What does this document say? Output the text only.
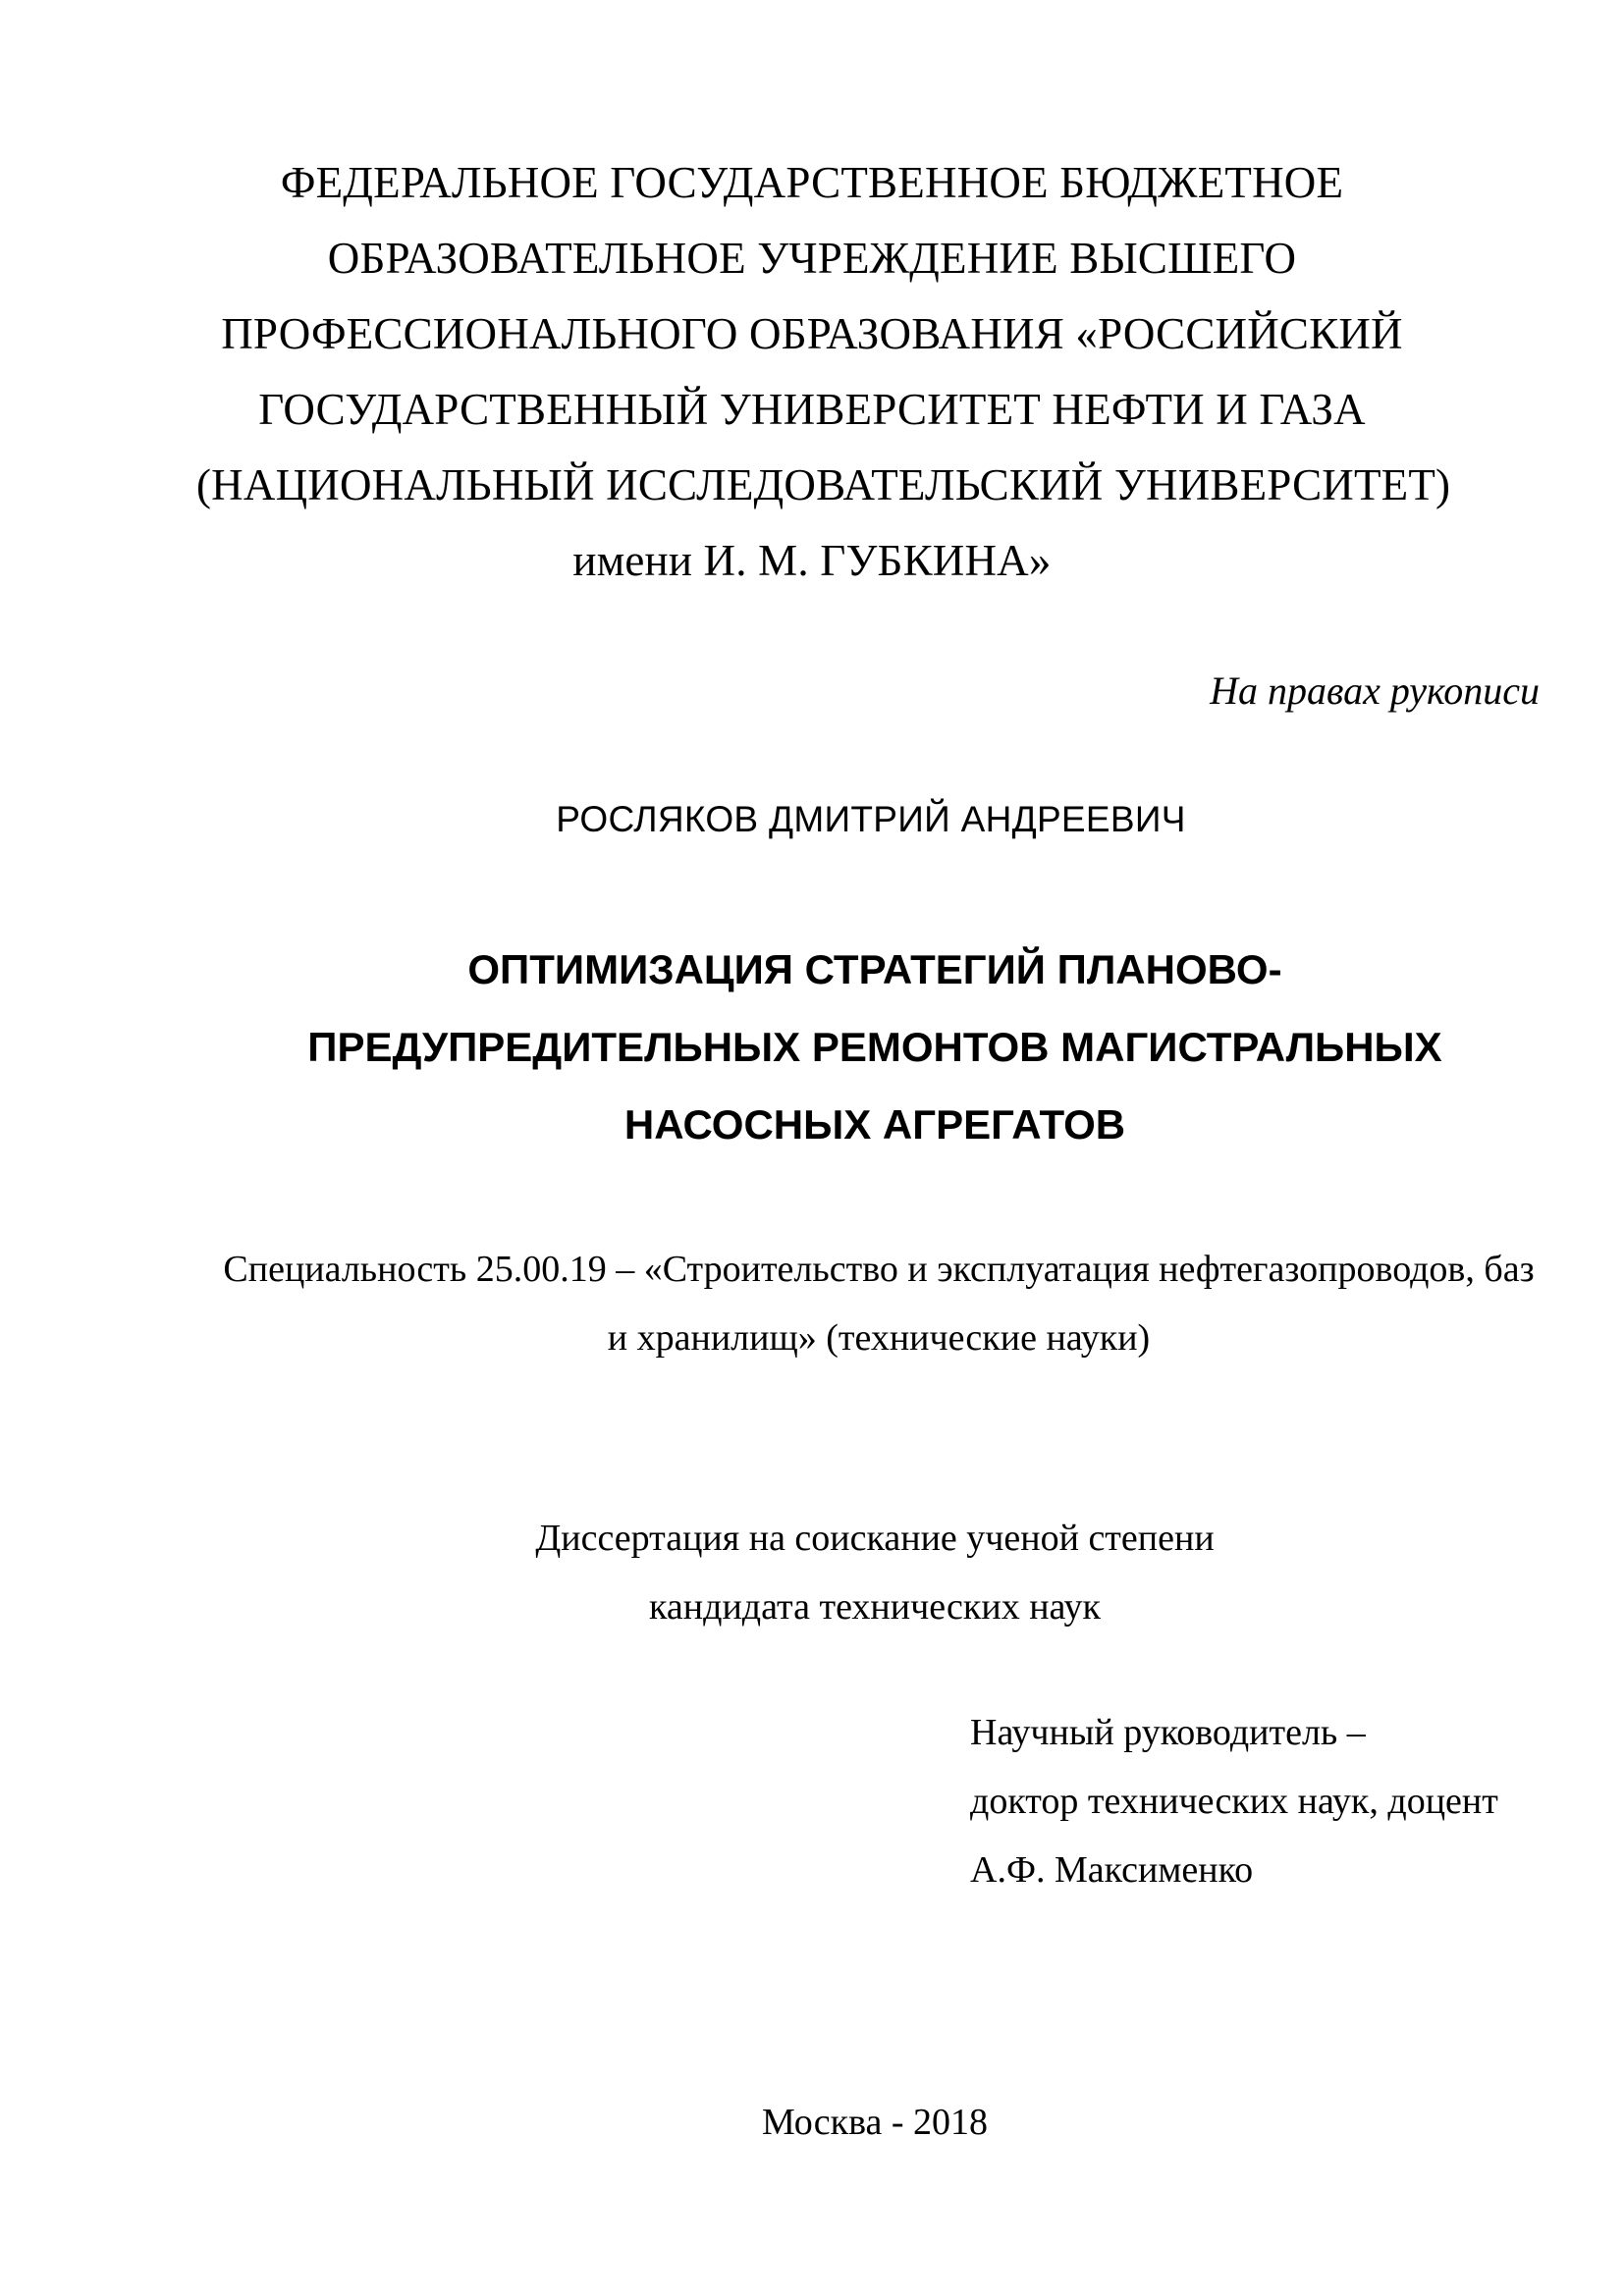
ФЕДЕРАЛЬНОЕ ГОСУДАРСТВЕННОЕ БЮДЖЕТНОЕ
ОБРАЗОВАТЕЛЬНОЕ УЧРЕЖДЕНИЕ ВЫСШЕГО
ПРОФЕССИОНАЛЬНОГО ОБРАЗОВАНИЯ «РОССИЙСКИЙ
ГОСУДАРСТВЕННЫЙ УНИВЕРСИТЕТ НЕФТИ И ГАЗА
(НАЦИОНАЛЬНЫЙ ИССЛЕДОВАТЕЛЬСКИЙ УНИВЕРСИТЕТ)
имени И. М. ГУБКИНА»
На правах рукописи
РОСЛЯКОВ ДМИТРИЙ АНДРЕЕВИЧ
ОПТИМИЗАЦИЯ СТРАТЕГИЙ ПЛАНОВО-
ПРЕДУПРЕДИТЕЛЬНЫХ РЕМОНТОВ МАГИСТРАЛЬНЫХ
НАСОСНЫХ АГРЕГАТОВ
Специальность 25.00.19 – «Строительство и эксплуатация нефтегазопроводов, баз
и хранилищ» (технические науки)
Диссертация на соискание ученой степени
кандидата технических наук
Научный руководитель –
доктор технических наук, доцент
А.Ф. Максименко
Москва - 2018
